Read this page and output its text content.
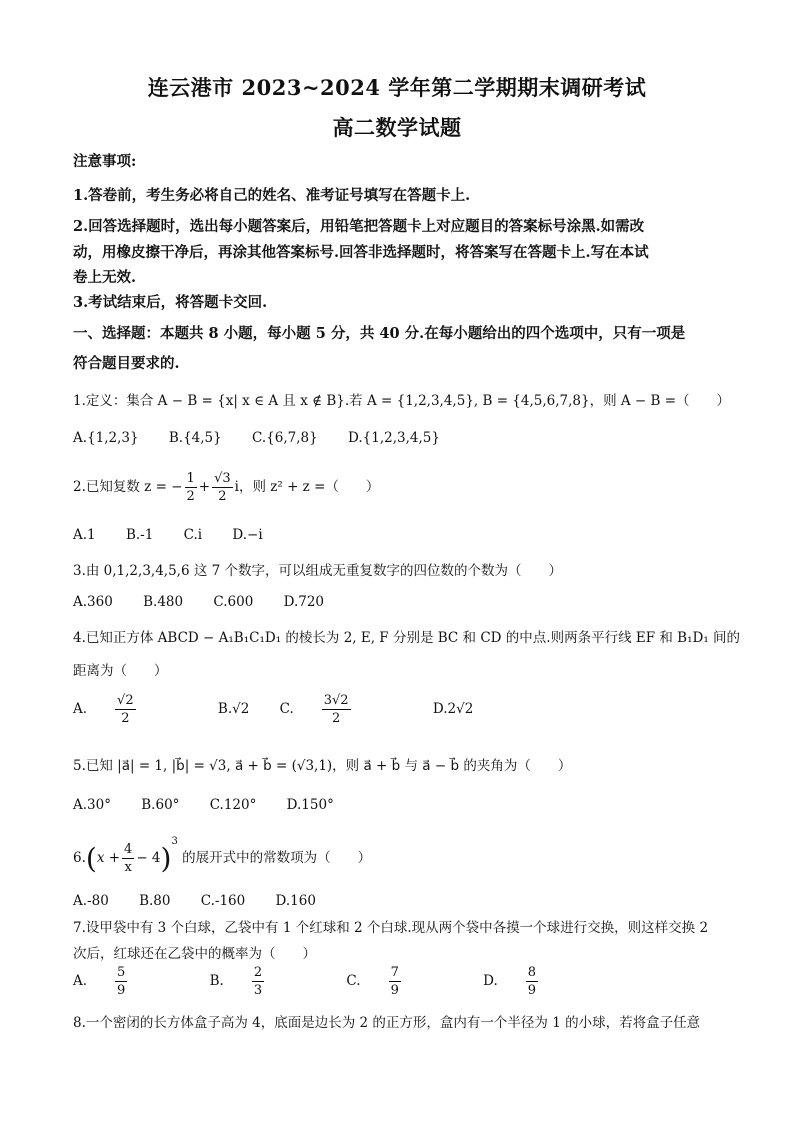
连云港市 2023~2024 学年第二学期期末调研考试
高二数学试题
注意事项:
1.答卷前，考生务必将自己的姓名、准考证号填写在答题卡上.
2.回答选择题时，选出每小题答案后，用铅笔把答题卡上对应题目的答案标号涂黑.如需改
动，用橡皮擦干净后，再涂其他答案标号.回答非选择题时，将答案写在答题卡上.写在本试
卷上无效.
3.考试结束后，将答题卡交回.
一、选择题：本题共 8 小题，每小题 5 分，共 40 分.在每小题给出的四个选项中，只有一项是
符合题目要求的.
1.定义：集合 A − B = {x| x ∈ A 且 x ∉ B}.若 A = {1,2,3,4,5}, B = {4,5,6,7,8}，则 A − B =（　　）
A.{1,2,3} B.{4,5} C.{6,7,8} D.{1,2,3,4,5}
2.已知复数 z = − $\frac{1}{2} + \frac{√3}{2}$ i，则 z² + z =（　　）
A.1 B.-1 C.i D.−i
3.由 0,1,2,3,4,5,6 这 7 个数字，可以组成无重复数字的四位数的个数为（　　）
A.360 B.480 C.600 D.720
4.已知正方体 ABCD − A₁B₁C₁D₁ 的棱长为 2, E, F 分别是 BC 和 CD 的中点.则两条平行线 EF 和 B₁D₁ 间的
距离为（　　）
A. $\frac{√2}{2}$	B.√2 C. $\frac{3√2}{2}$	D.2√2
5.已知 |a⃗| = 1, |b⃗| = √3, a⃗ + b⃗ = (√3,1)，则 a⃗ + b⃗ 与 a⃗ − b⃗ 的夹角为（　　）
A.30° B.60° C.120° D.150°
$6.(x + \frac{4}{x} - 4)^3$ 的展开式中的常数项为（　　）
A.-80 B.80 C.-160 D.160
7.设甲袋中有 3 个白球，乙袋中有 1 个红球和 2 个白球.现从两个袋中各摸一个球进行交换，则这样交换 2
次后，红球还在乙袋中的概率为（　　）
A. $\frac{5}{9}$	B. $\frac{2}{3}$	C. $\frac{7}{9}$	D. $\frac{8}{9}$
8.一个密闭的长方体盒子高为 4，底面是边长为 2 的正方形，盒内有一个半径为 1 的小球，若将盒子任意
